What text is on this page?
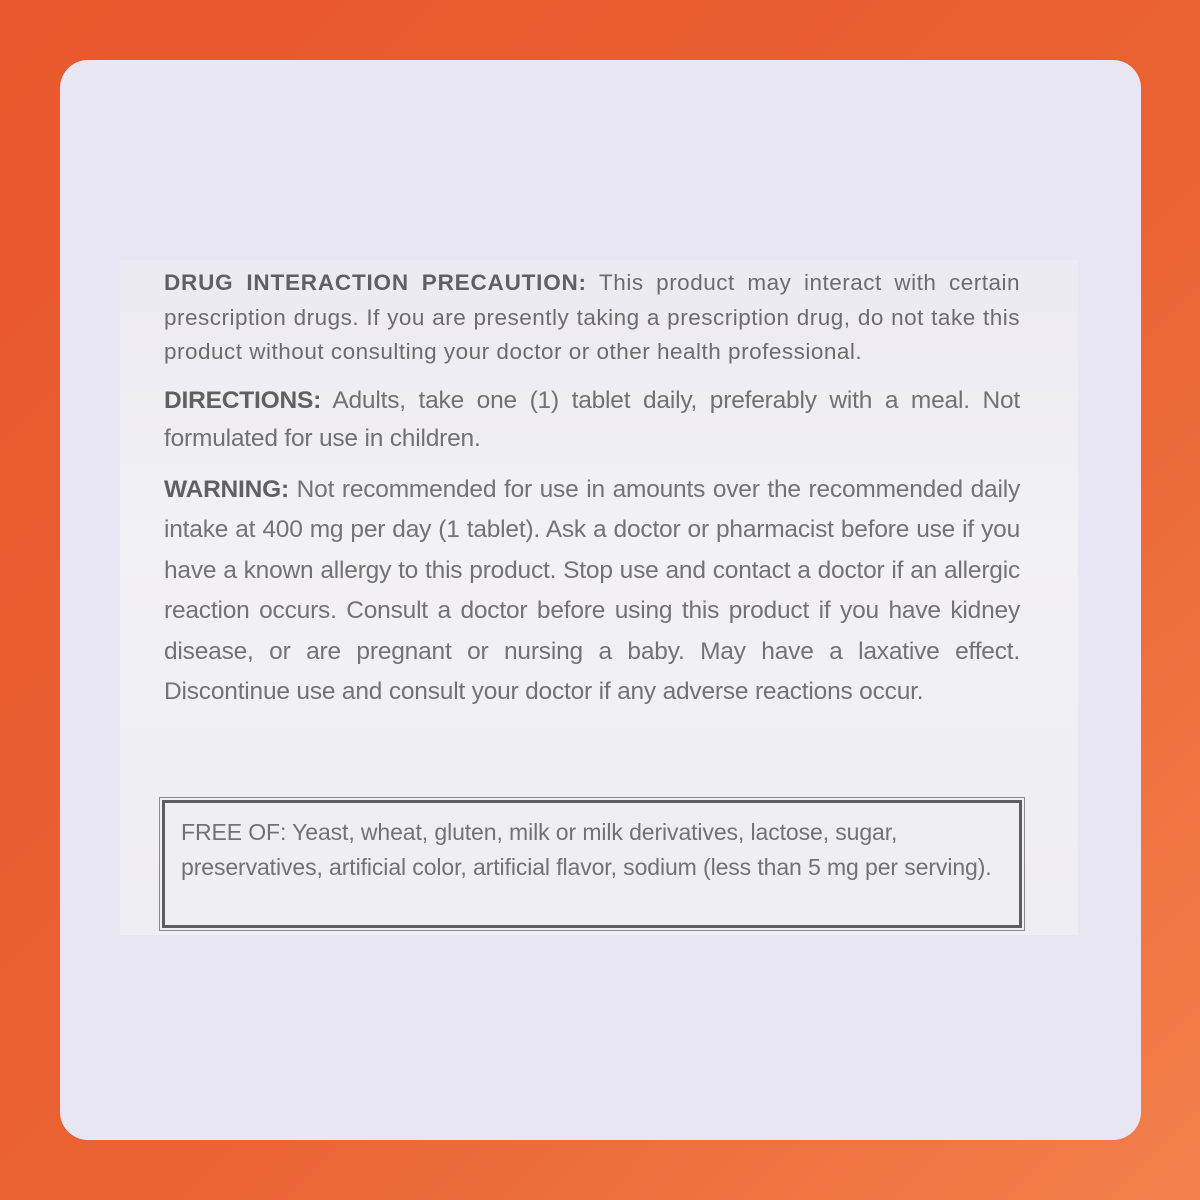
DRUG INTERACTION PRECAUTION: This product may interact with certain prescription drugs. If you are presently taking a prescription drug, do not take this product without consulting your doctor or other health professional.

DIRECTIONS: Adults, take one (1) tablet daily, preferably with a meal. Not formulated for use in children.

WARNING: Not recommended for use in amounts over the recommended daily intake at 400 mg per day (1 tablet). Ask a doctor or pharmacist before use if you have a known allergy to this product. Stop use and contact a doctor if an allergic reaction occurs. Consult a doctor before using this product if you have kidney disease, or are pregnant or nursing a baby. May have a laxative effect. Discontinue use and consult your doctor if any adverse reactions occur.

FREE OF: Yeast, wheat, gluten, milk or milk derivatives, lactose, sugar, preservatives, artificial color, artificial flavor, sodium (less than 5 mg per serving).
